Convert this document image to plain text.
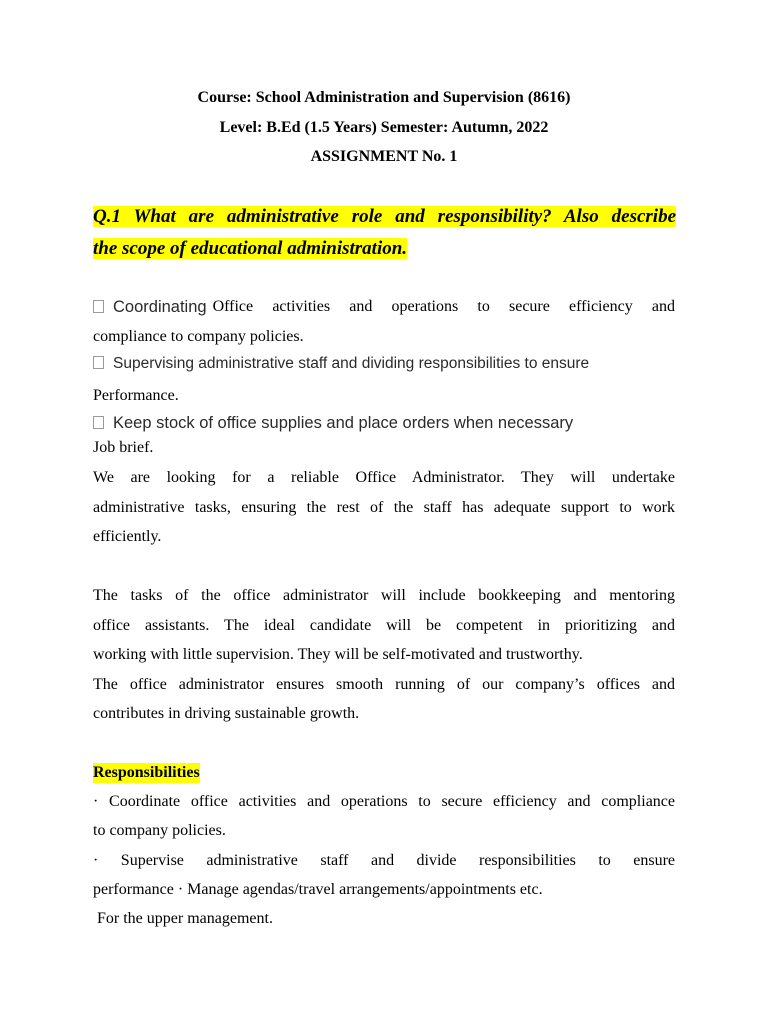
Course: School Administration and Supervision (8616)

Level: B.Ed (1.5 Years) Semester: Autumn, 2022

ASSIGNMENT No. 1

Q.1 What are administrative role and responsibility? Also describe
the scope of educational administration.
Coordinating Office activities and operations to secure efficiency and

compliance to company policies.

Supervising administrative staff and dividing responsibilities to ensure

Performance.

Keep stock of office supplies and place orders when necessary

Job brief.

We are looking for a reliable Office Administrator. They will undertake

administrative tasks, ensuring the rest of the staff has adequate support to work

efficiently.

The tasks of the office administrator will include bookkeeping and mentoring

office assistants. The ideal candidate will be competent in prioritizing and

working with little supervision. They will be self-motivated and trustworthy.

The office administrator ensures smooth running of our company’s offices and

contributes in driving sustainable growth.

Responsibilities

· Coordinate office activities and operations to secure efficiency and compliance

to company policies.

· Supervise administrative staff and divide responsibilities to ensure

performance · Manage agendas/travel arrangements/appointments etc.

For the upper management.
